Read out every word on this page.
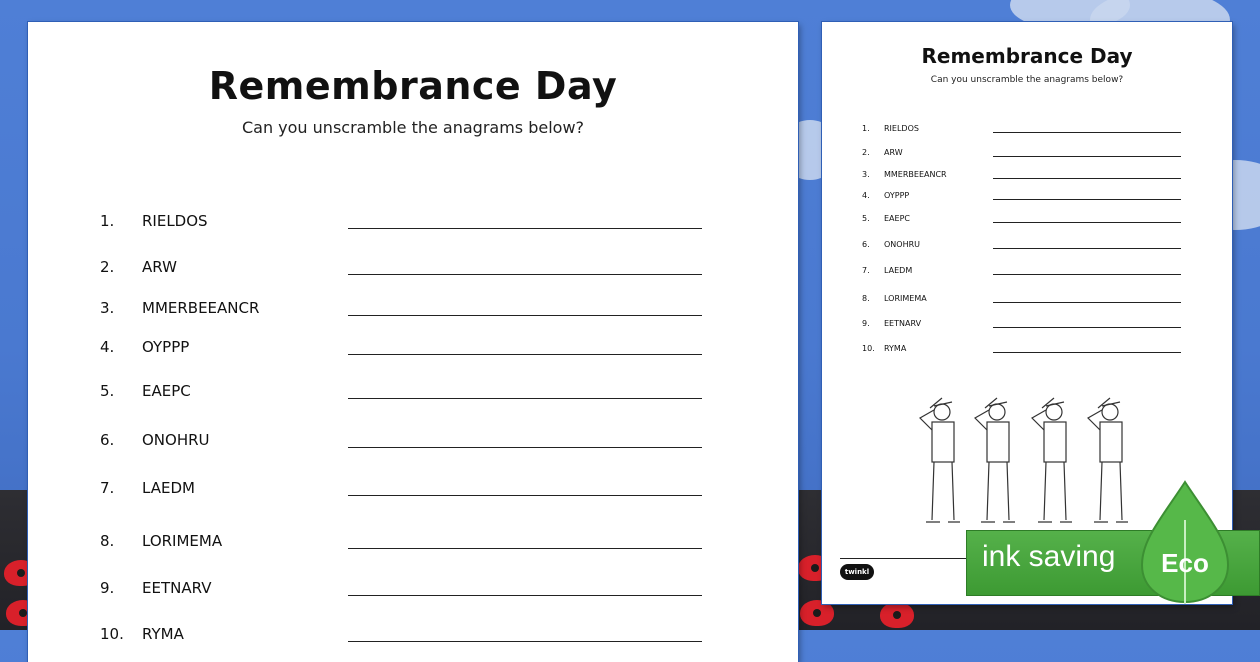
Remembrance Day
Can you unscramble the anagrams below?
1. RIELDOS
2. ARW
3. MMERBEEANCR
4. OYPPP
5. EAEPC
6. ONOHRU
7. LAEDM
8. LORIMEMA
9. EETNARV
10. RYMA
Remembrance Day
Can you unscramble the anagrams below?
1. RIELDOS
2. ARW
3. MMERBEEANCR
4. OYPPP
5. EAEPC
6. ONOHRU
7. LAEDM
8. LORIMEMA
9. EETNARV
10. RYMA
twinkl	ink saving Eco
